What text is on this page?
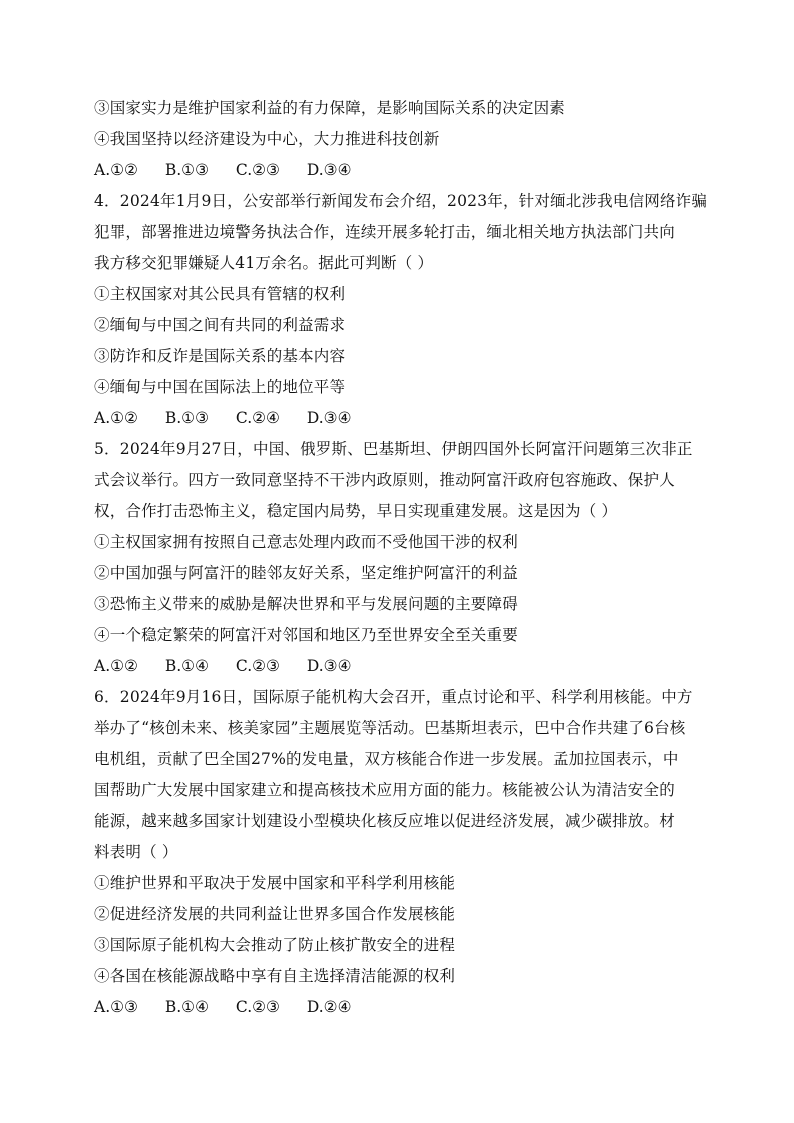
③国家实力是维护国家利益的有力保障，是影响国际关系的决定因素
④我国坚持以经济建设为中心，大力推进科技创新
A.①② B.①③ C.②③ D.③④
4．2024年1月9日，公安部举行新闻发布会介绍，2023年，针对缅北涉我电信网络诈骗
犯罪，部署推进边境警务执法合作，连续开展多轮打击，缅北相关地方执法部门共向
我方移交犯罪嫌疑人41万余名。据此可判断（ ）
①主权国家对其公民具有管辖的权利
②缅甸与中国之间有共同的利益需求
③防诈和反诈是国际关系的基本内容
④缅甸与中国在国际法上的地位平等
A.①② B.①③ C.②④ D.③④
5．2024年9月27日，中国、俄罗斯、巴基斯坦、伊朗四国外长阿富汗问题第三次非正
式会议举行。四方一致同意坚持不干涉内政原则，推动阿富汗政府包容施政、保护人
权，合作打击恐怖主义，稳定国内局势，早日实现重建发展。这是因为（ ）
①主权国家拥有按照自己意志处理内政而不受他国干涉的权利
②中国加强与阿富汗的睦邻友好关系，坚定维护阿富汗的利益
③恐怖主义带来的威胁是解决世界和平与发展问题的主要障碍
④一个稳定繁荣的阿富汗对邻国和地区乃至世界安全至关重要
A.①② B.①④ C.②③ D.③④
6．2024年9月16日，国际原子能机构大会召开，重点讨论和平、科学利用核能。中方
举办了“核创未来、核美家园”主题展览等活动。巴基斯坦表示，巴中合作共建了6台核
电机组，贡献了巴全国27%的发电量，双方核能合作进一步发展。孟加拉国表示，中
国帮助广大发展中国家建立和提高核技术应用方面的能力。核能被公认为清洁安全的
能源，越来越多国家计划建设小型模块化核反应堆以促进经济发展，减少碳排放。材
料表明（ ）
①维护世界和平取决于发展中国家和平科学利用核能
②促进经济发展的共同利益让世界多国合作发展核能
③国际原子能机构大会推动了防止核扩散安全的进程
④各国在核能源战略中享有自主选择清洁能源的权利
A.①③ B.①④ C.②③ D.②④
